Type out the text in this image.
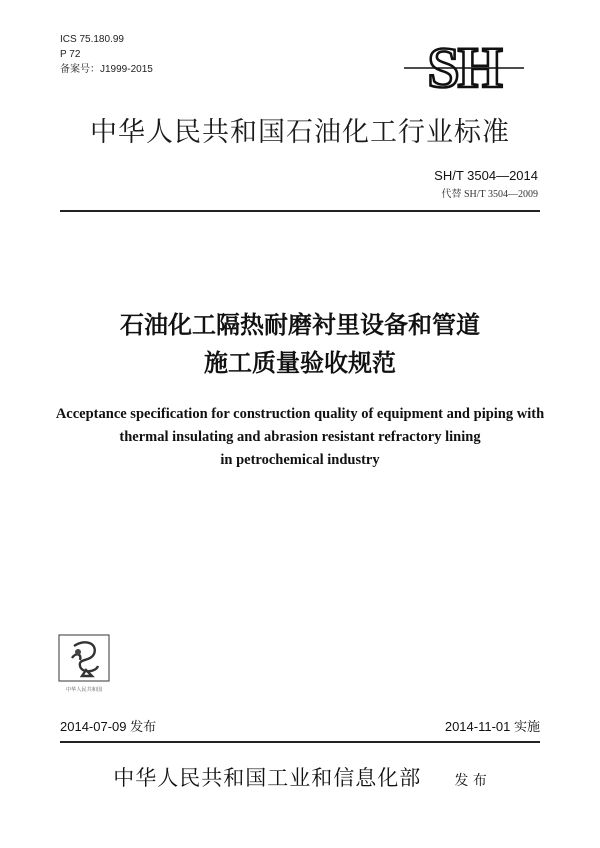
ICS 75.180.99
P 72
备案号：J1999-2015	SH
中华人民共和国石油化工行业标准
SH/T 3504—2014
代替 SH/T 3504—2009
石油化工隔热耐磨衬里设备和管道
施工质量验收规范
Acceptance specification for construction quality of equipment and piping with
thermal insulating and abrasion resistant refractory lining
in petrochemical industry
中华人民共和国
2014-07-09 发布	2014-11-01 实施
中华人民共和国工业和信息化部 发 布
